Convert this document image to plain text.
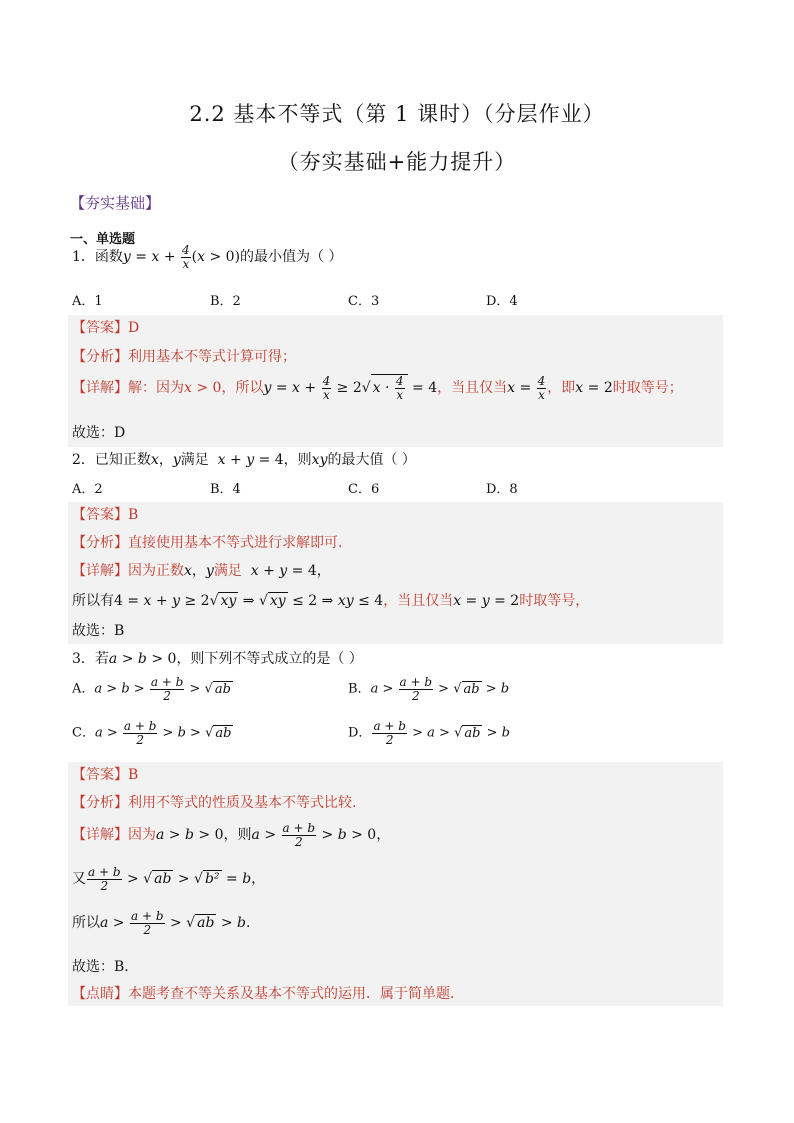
2.2 基本不等式（第 1 课时）（分层作业）
（夯实基础+能力提升）
【夯实基础】
一、单选题
1．函数$y = x + \frac{4}{x} (x > 0)$的最小值为（ ）
A．1	B．2	C．3	D．4
【答案】D
【分析】利用基本不等式计算可得；
【详解】解：因为x > 0，所以$y = x + \frac{4}{x} \ge 2√$ $x \cdot \frac{4}{x} = 4$，当且仅当$x = \frac{4}{x}$ ，即x = 2时取等号；
故选：D
2．已知正数x，y满足 x + y = 4，则xy的最大值（ ）
A．2	B．4	C．6	D．8
【答案】B
【分析】直接使用基本不等式进行求解即可.
【详解】因为正数x，y满足 x + y = 4，
所以有4 = x + y ≥ 2√ xy ⇒ √ xy ≤ 2 ⇒ xy ≤ 4，当且仅当x = y = 2时取等号，
故选：B
3．若a > b > 0，则下列不等式成立的是（ ）
A．$a > b > \frac{a + b}{2}$ > √ ab	B．$a > \frac{a + b}{2}$ > √ ab > b
C．$a > \frac{a + b}{2} > b$ > √ ab	D． $\frac{a + b}{2} > a$ > √ ab > b
【答案】B
【分析】利用不等式的性质及基本不等式比较.
【详解】因为a > b > 0，则$a > \frac{a + b}{2} > b > 0$，
又 $\frac{a + b}{2}$ > √ ab > √ b² = b，
所以$a > \frac{a + b}{2}$ > √ ab > b.
故选：B.
【点睛】本题考查不等关系及基本不等式的运用．属于简单题．
